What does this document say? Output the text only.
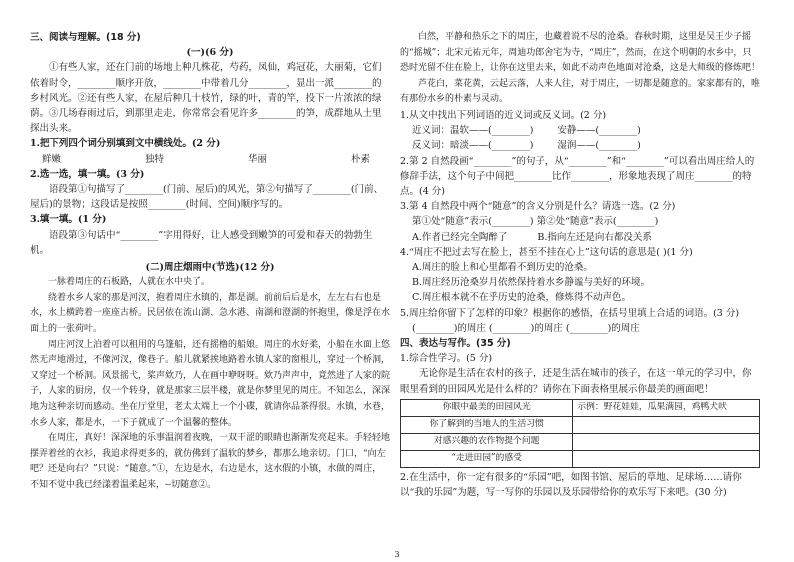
三、阅读与理解。(18 分)

(一)(6 分)

①有些人家，还在门前的场地上种几株花，芍药，凤仙，鸡冠花，大丽菊，它们依着时令，________顺序开放，________中带着几分________，显出一派________的乡村风光。②还有些人家，在屋后种几十枝竹，绿的叶，青的竿，投下一片浓浓的绿荫。③几场春雨过后，到那里走走，你常常会看见许多________的笋，成群地从土里探出头来。

1.把下列四个词分别填到文中横线处。(2 分)

鲜嫩	独特	华丽	朴素

2.选一选，填一填。(3 分)

语段第①句描写了________(门前、屋后)的风光，第②句描写了________(门前、屋后)的景物；这段话是按照________(时间、空间)顺序写的。

3.填一填。(1 分)

语段第③句话中“________”字用得好，让人感受到嫩笋的可爱和春天的勃勃生机。

(二)周庄烟雨中(节选)(12 分)

一脉着周庄的石板路，人就在水中央了。

绕着水乡人家的那是河汊，抱着周庄水镇的，都是湖。前前后后是水，左左右右也是水，水上横跨着一座座古桥。民居依在流山湖、急水港、南湖和澄湖的怀抱里，像是浮在水面上的一张荷叶。

周庄河汊上泊着可以租用的乌篷船，还有摇橹的船娘。周庄的水好柔，小船在水面上悠然无声地滑过，不像河汊，像巷子。船儿就紧挨地路着水镇人家的窗根儿，穿过一个桥洞，又穿过一个桥洞。风景摇弋，桨声欸乃，人在画中咿呀呀。欸乃声声中，竟然进了人家的院子，人家的厨房，仅一个转身，就是那家三层半楼，就是你梦里见的周庄。不知怎么，深深地为这种亲切而感动。坐在厅堂里，老太太端上一个小碟，就请你品茶得很。水镇，水巷，水乡人家，都是水，一下子就成了一个温馨的整体。

在周庄，真好！深深地的乐事温润着夜晚，一双干涩的眼睛也渐渐发亮起来。手轻轻地摆弄着丝的衣衫，我追求得更多的，就仿佛到了温软的梦乡，都那么地亲切。门口，“向左吧？还是向右？”只说：“随意。”①，左边是水，右边是水，这水假的小镇，水做的周庄，不知不觉中我已经漾着温柔起来，--切随意②。

白然，平静和热乐之下的周庄，也藏着说不尽的沧桑。春秋时期，这里是吴王少子摇的“摇城”；北宋元祐元年，周迪功郎舍宅为寺，“周庄”，然而，在这个明朝的水乡中，只恐时光留不住在脸上，让你在这里去来，如此不动声色地面对沧桑，这是大师级的修炼吧！

芦花白，菜花黄，云起云落，人来人往，对于周庄，一切都是随意的。家家都有的，唯有那份水乡的朴素与灵动。

1.从文中找出下列词语的近义词或反义词。(2 分)

近义词：温软——(________)	安静——(________)
反义词：暗淡——(________)	湿润——(________)

2.第 2 自然段画“________”的句子，从“________”和“________”可以看出周庄给人的修辞手法，这个句子中间把________比作________，形象地表现了周庄________的特点。(4 分)

3.第 4 自然段中两个“随意”的含义分别是什么？请选一选。(2 分)

第①处“随意”表示(________) 第②处“随意”表示(________)

A.作者已经完全陶醉了	B.指向左还是向右都没关系

4.“周庄不把过去写在脸上，甚至不挂在心上”这句话的意思是( )(1 分)

A.周庄的脸上和心里都看不到历史的沧桑。

B.周庄经历沧桑岁月依然保持着水乡静谧与美好的环境。

C.周庄根本就不在乎历史的沧桑，修炼得不动声色。

5.周庄给你留下了怎样的印象？根据你的感悟，在括号里填上合适的词语。(3 分)

(________)的周庄 (________)的周庄 (________)的周庄

四、表达与写作。(35 分)

1.综合性学习。(5 分)

无论你是生活在农村的孩子，还是生活在城市的孩子，在这一单元的学习中，你眼里看到的田园风光是什么样的？请你在下面表格里展示你最美的画面吧！

你眼中最美的田园风光	示例：野花娃娃，瓜果满园，鸡鸭犬吠
你了解到的当地人的生活习惯	
对感兴趣的农作物提个问题	
“走进田园”的感受	

2.在生活中，你一定有很多的“乐园”吧，如图书馆、屋后的草地、足球场……请你以“我的乐园”为题，写一写你的乐园以及乐园带给你的欢乐写下来吧。(30 分)

3
